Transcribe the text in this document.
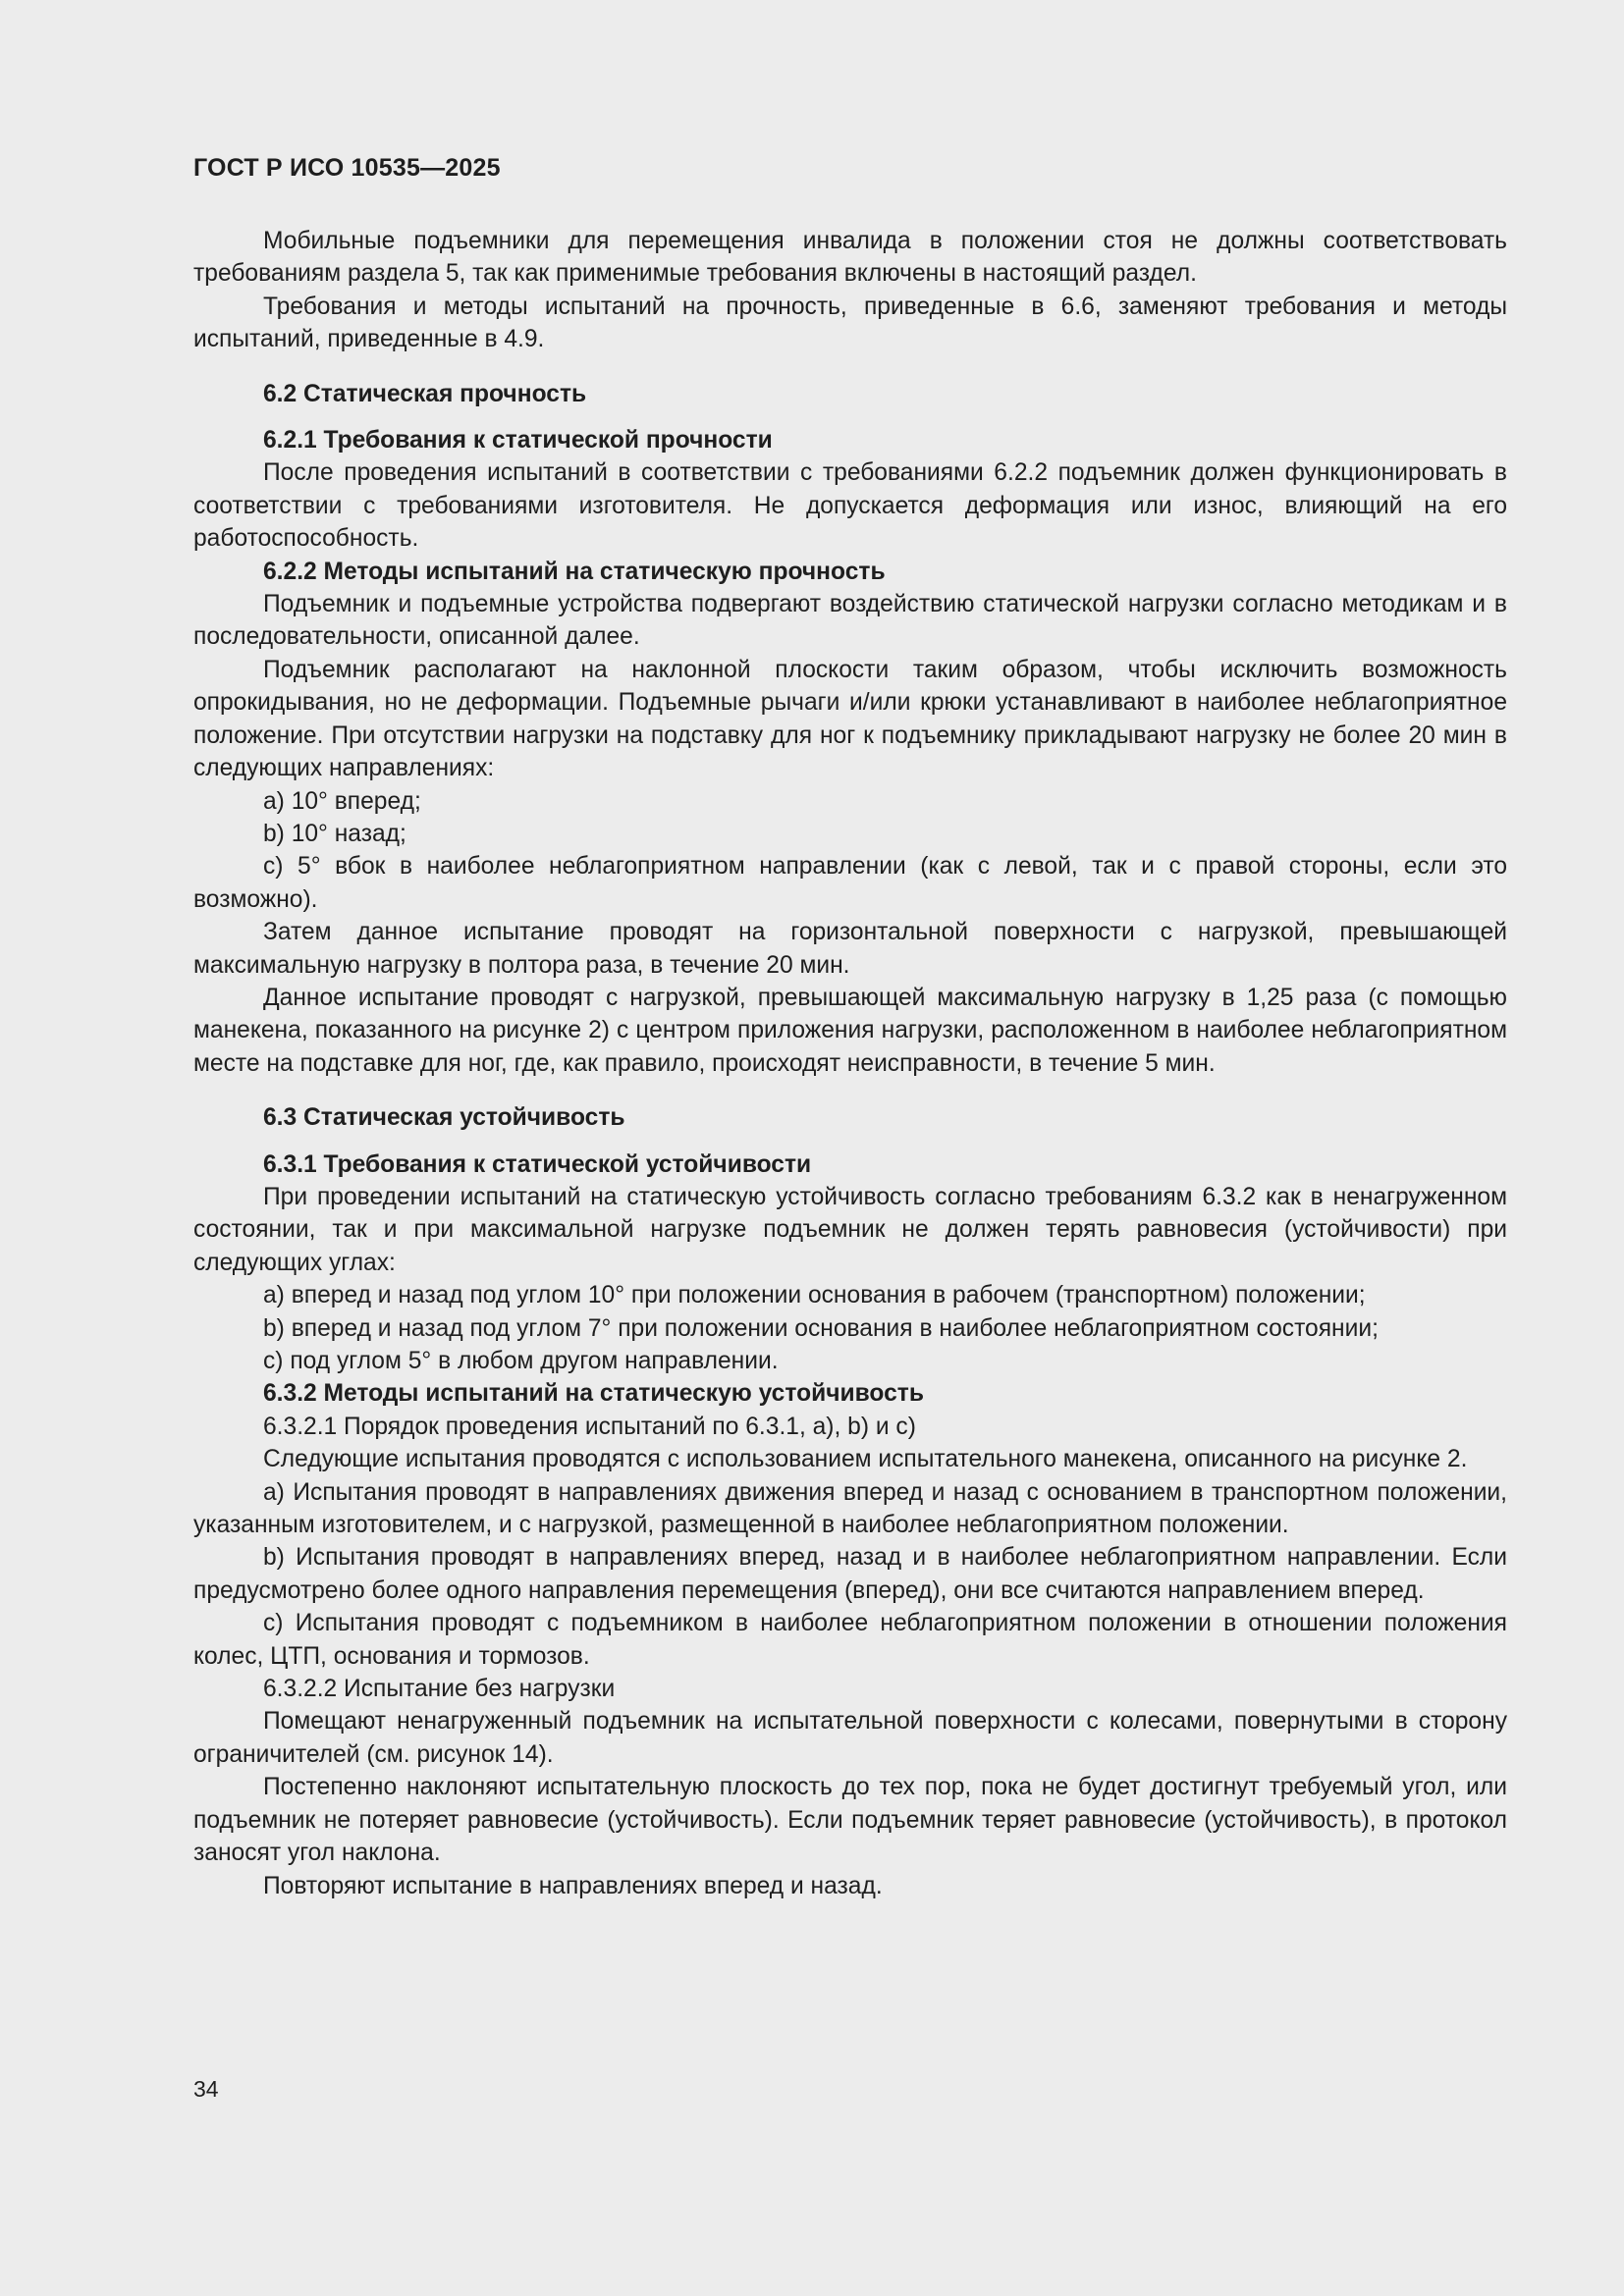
ГОСТ Р ИСО 10535—2025

Мобильные подъемники для перемещения инвалида в положении стоя не должны соответствовать требованиям раздела 5, так как применимые требования включены в настоящий раздел.

Требования и методы испытаний на прочность, приведенные в 6.6, заменяют требования и методы испытаний, приведенные в 4.9.

6.2 Статическая прочность

6.2.1 Требования к статической прочности

После проведения испытаний в соответствии с требованиями 6.2.2 подъемник должен функционировать в соответствии с требованиями изготовителя. Не допускается деформация или износ, влияющий на его работоспособность.

6.2.2 Методы испытаний на статическую прочность

Подъемник и подъемные устройства подвергают воздействию статической нагрузки согласно методикам и в последовательности, описанной далее.

Подъемник располагают на наклонной плоскости таким образом, чтобы исключить возможность опрокидывания, но не деформации. Подъемные рычаги и/или крюки устанавливают в наиболее неблагоприятное положение. При отсутствии нагрузки на подставку для ног к подъемнику прикладывают нагрузку не более 20 мин в следующих направлениях:

a) 10° вперед;

b) 10° назад;

c) 5° вбок в наиболее неблагоприятном направлении (как с левой, так и с правой стороны, если это возможно).

Затем данное испытание проводят на горизонтальной поверхности с нагрузкой, превышающей максимальную нагрузку в полтора раза, в течение 20 мин.

Данное испытание проводят с нагрузкой, превышающей максимальную нагрузку в 1,25 раза (с помощью манекена, показанного на рисунке 2) с центром приложения нагрузки, расположенном в наиболее неблагоприятном месте на подставке для ног, где, как правило, происходят неисправности, в течение 5 мин.

6.3 Статическая устойчивость

6.3.1 Требования к статической устойчивости

При проведении испытаний на статическую устойчивость согласно требованиям 6.3.2 как в ненагруженном состоянии, так и при максимальной нагрузке подъемник не должен терять равновесия (устойчивости) при следующих углах:

a) вперед и назад под углом 10° при положении основания в рабочем (транспортном) положении;

b) вперед и назад под углом 7° при положении основания в наиболее неблагоприятном состоянии;

c) под углом 5° в любом другом направлении.

6.3.2 Методы испытаний на статическую устойчивость

6.3.2.1 Порядок проведения испытаний по 6.3.1, a), b) и c)

Следующие испытания проводятся с использованием испытательного манекена, описанного на рисунке 2.

a) Испытания проводят в направлениях движения вперед и назад с основанием в транспортном положении, указанным изготовителем, и с нагрузкой, размещенной в наиболее неблагоприятном положении.

b) Испытания проводят в направлениях вперед, назад и в наиболее неблагоприятном направлении. Если предусмотрено более одного направления перемещения (вперед), они все считаются направлением вперед.

c) Испытания проводят с подъемником в наиболее неблагоприятном положении в отношении положения колес, ЦТП, основания и тормозов.

6.3.2.2 Испытание без нагрузки

Помещают ненагруженный подъемник на испытательной поверхности с колесами, повернутыми в сторону ограничителей (см. рисунок 14).

Постепенно наклоняют испытательную плоскость до тех пор, пока не будет достигнут требуемый угол, или подъемник не потеряет равновесие (устойчивость). Если подъемник теряет равновесие (устойчивость), в протокол заносят угол наклона.

Повторяют испытание в направлениях вперед и назад.

34
